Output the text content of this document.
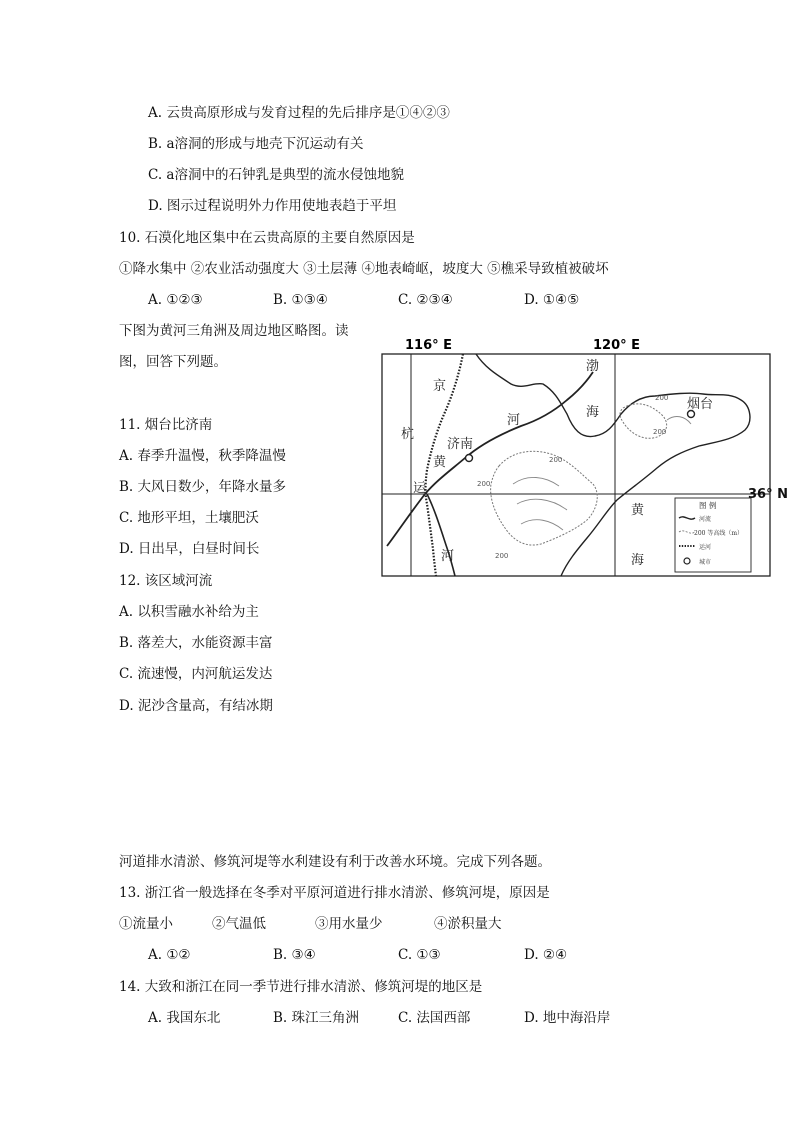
A. 云贵高原形成与发育过程的先后排序是①④②③
B. a溶洞的形成与地壳下沉运动有关
C. a溶洞中的石钟乳是典型的流水侵蚀地貌
D. 图示过程说明外力作用使地表趋于平坦
10. 石漠化地区集中在云贵高原的主要自然原因是
①降水集中 ②农业活动强度大 ③土层薄 ④地表崎岖，坡度大 ⑤樵采导致植被破坏
A. ①②③	B. ①③④	C. ②③④	D. ①④⑤
下图为黄河三角洲及周边地区略图。读
图，回答下列题。
11. 烟台比济南
A. 春季升温慢，秋季降温慢
B. 大风日数少，年降水量多
C. 地形平坦，土壤肥沃
D. 日出早，白昼时间长
12. 该区域河流
A. 以积雪融水补给为主
B. 落差大，水能资源丰富
C. 流速慢，内河航运发达
D. 泥沙含量高，有结冰期
116° E	120° E
渤
海
京
杭
运
河
黄
河
济南
烟台
200
200
200
200
200
黄
海
图 例
河流
200 等高线（m）
运河
城市
36° N
河道排水清淤、修筑河堤等水利建设有利于改善水环境。完成下列各题。
13. 浙江省一般选择在冬季对平原河道进行排水清淤、修筑河堤，原因是
①流量小	②气温低	③用水量少	④淤积量大
A. ①②	B. ③④	C. ①③	D. ②④
14. 大致和浙江在同一季节进行排水清淤、修筑河堤的地区是
A. 我国东北	B. 珠江三角洲	C. 法国西部	D. 地中海沿岸
